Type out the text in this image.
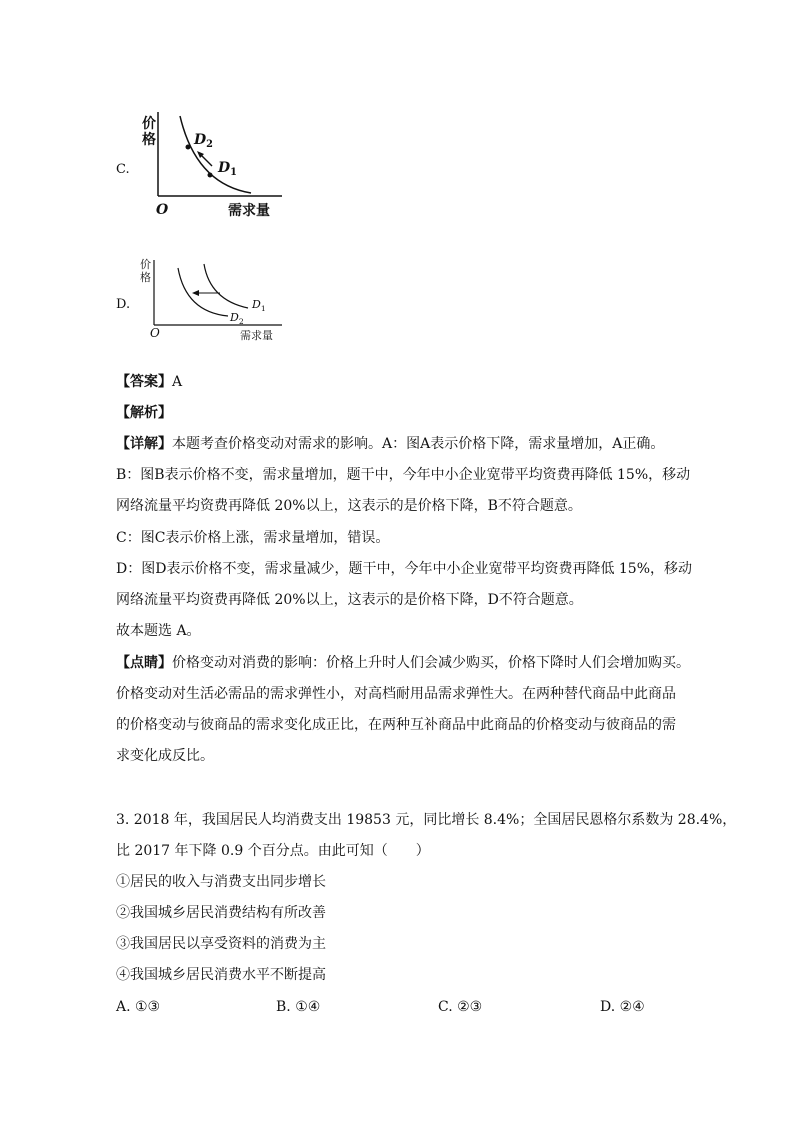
C.
价格	$D_2$
$D_1$
O	需求量
D.
价格
$D_1$
$D_2$
O	需求量
【答案】A
【解析】
【详解】本题考查价格变动对需求的影响。A：图A表示价格下降，需求量增加，A正确。
B：图B表示价格不变，需求量增加，题干中，今年中小企业宽带平均资费再降低 15%，移动
网络流量平均资费再降低 20%以上，这表示的是价格下降，B不符合题意。
C：图C表示价格上涨，需求量增加，错误。
D：图D表示价格不变，需求量减少，题干中，今年中小企业宽带平均资费再降低 15%，移动
网络流量平均资费再降低 20%以上，这表示的是价格下降，D不符合题意。
故本题选 A。
【点睛】价格变动对消费的影响：价格上升时人们会减少购买，价格下降时人们会增加购买。
价格变动对生活必需品的需求弹性小，对高档耐用品需求弹性大。在两种替代商品中此商品
的价格变动与彼商品的需求变化成正比，在两种互补商品中此商品的价格变动与彼商品的需
求变化成反比。
3. 2018 年，我国居民人均消费支出 19853 元，同比增长 8.4%；全国居民恩格尔系数为 28.4%，
比 2017 年下降 0.9 个百分点。由此可知（　　）
①居民的收入与消费支出同步增长
②我国城乡居民消费结构有所改善
③我国居民以享受资料的消费为主
④我国城乡居民消费水平不断提高
A. ①③	B. ①④	C. ②③	D. ②④
